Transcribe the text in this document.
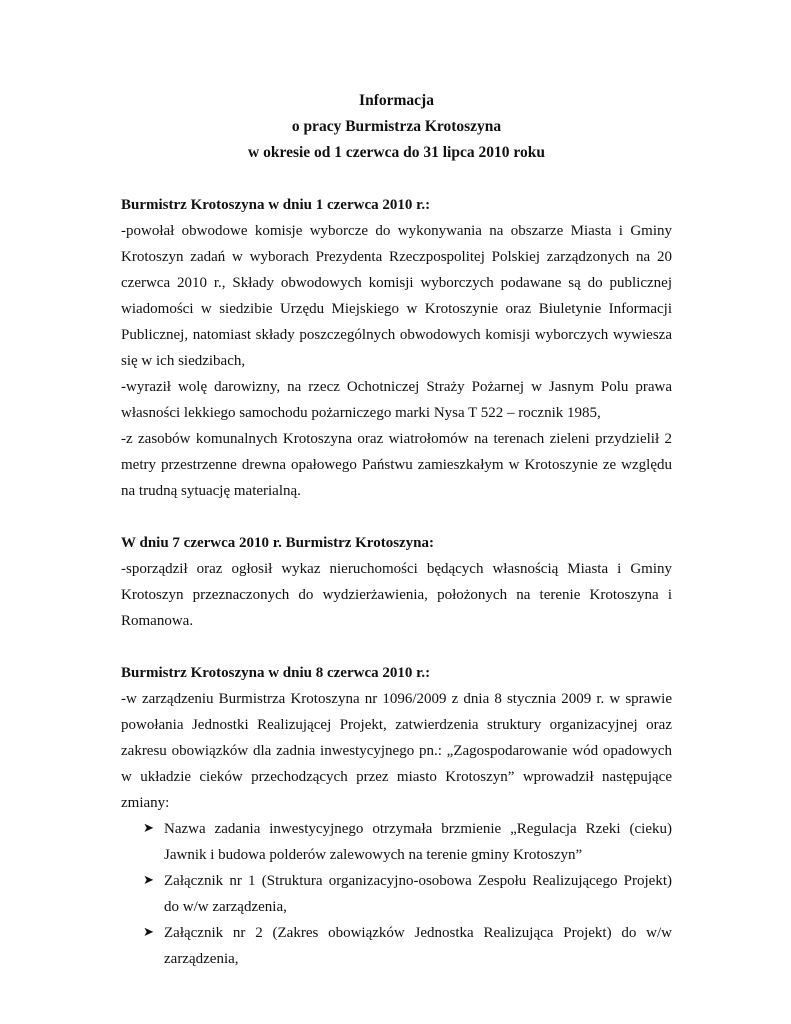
Informacja
o pracy Burmistrza Krotoszyna
w okresie od 1 czerwca do 31 lipca 2010 roku
Burmistrz Krotoszyna w dniu 1 czerwca 2010 r.:

-powołał obwodowe komisje wyborcze do wykonywania na obszarze Miasta i Gminy Krotoszyn zadań w wyborach Prezydenta Rzeczpospolitej Polskiej zarządzonych na 20 czerwca 2010 r., Składy obwodowych komisji wyborczych podawane są do publicznej wiadomości w siedzibie Urzędu Miejskiego w Krotoszynie oraz Biuletynie Informacji Publicznej, natomiast składy poszczególnych obwodowych komisji wyborczych wywiesza się w ich siedzibach,

-wyraził wolę darowizny, na rzecz Ochotniczej Straży Pożarnej w Jasnym Polu prawa własności lekkiego samochodu pożarniczego marki Nysa T 522 – rocznik 1985,

-z zasobów komunalnych Krotoszyna oraz wiatrołomów na terenach zieleni przydzielił 2 metry przestrzenne drewna opałowego Państwu zamieszkałym w Krotoszynie ze względu na trudną sytuację materialną.

W dniu 7 czerwca 2010 r. Burmistrz Krotoszyna:

-sporządził oraz ogłosił wykaz nieruchomości będących własnością Miasta i Gminy Krotoszyn przeznaczonych do wydzierżawienia, położonych na terenie Krotoszyna i Romanowa.

Burmistrz Krotoszyna w dniu 8 czerwca 2010 r.:

-w zarządzeniu Burmistrza Krotoszyna nr 1096/2009 z dnia 8 stycznia 2009 r. w sprawie powołania Jednostki Realizującej Projekt, zatwierdzenia struktury organizacyjnej oraz zakresu obowiązków dla zadnia inwestycyjnego pn.: „Zagospodarowanie wód opadowych w układzie cieków przechodzących przez miasto Krotoszyn” wprowadził następujące zmiany:

➤ Nazwa zadania inwestycyjnego otrzymała brzmienie „Regulacja Rzeki (cieku) Jawnik i budowa polderów zalewowych na terenie gminy Krotoszyn”
➤ Załącznik nr 1 (Struktura organizacyjno-osobowa Zespołu Realizującego Projekt) do w/w zarządzenia,
➤ Załącznik nr 2 (Zakres obowiązków Jednostka Realizująca Projekt) do w/w zarządzenia,
